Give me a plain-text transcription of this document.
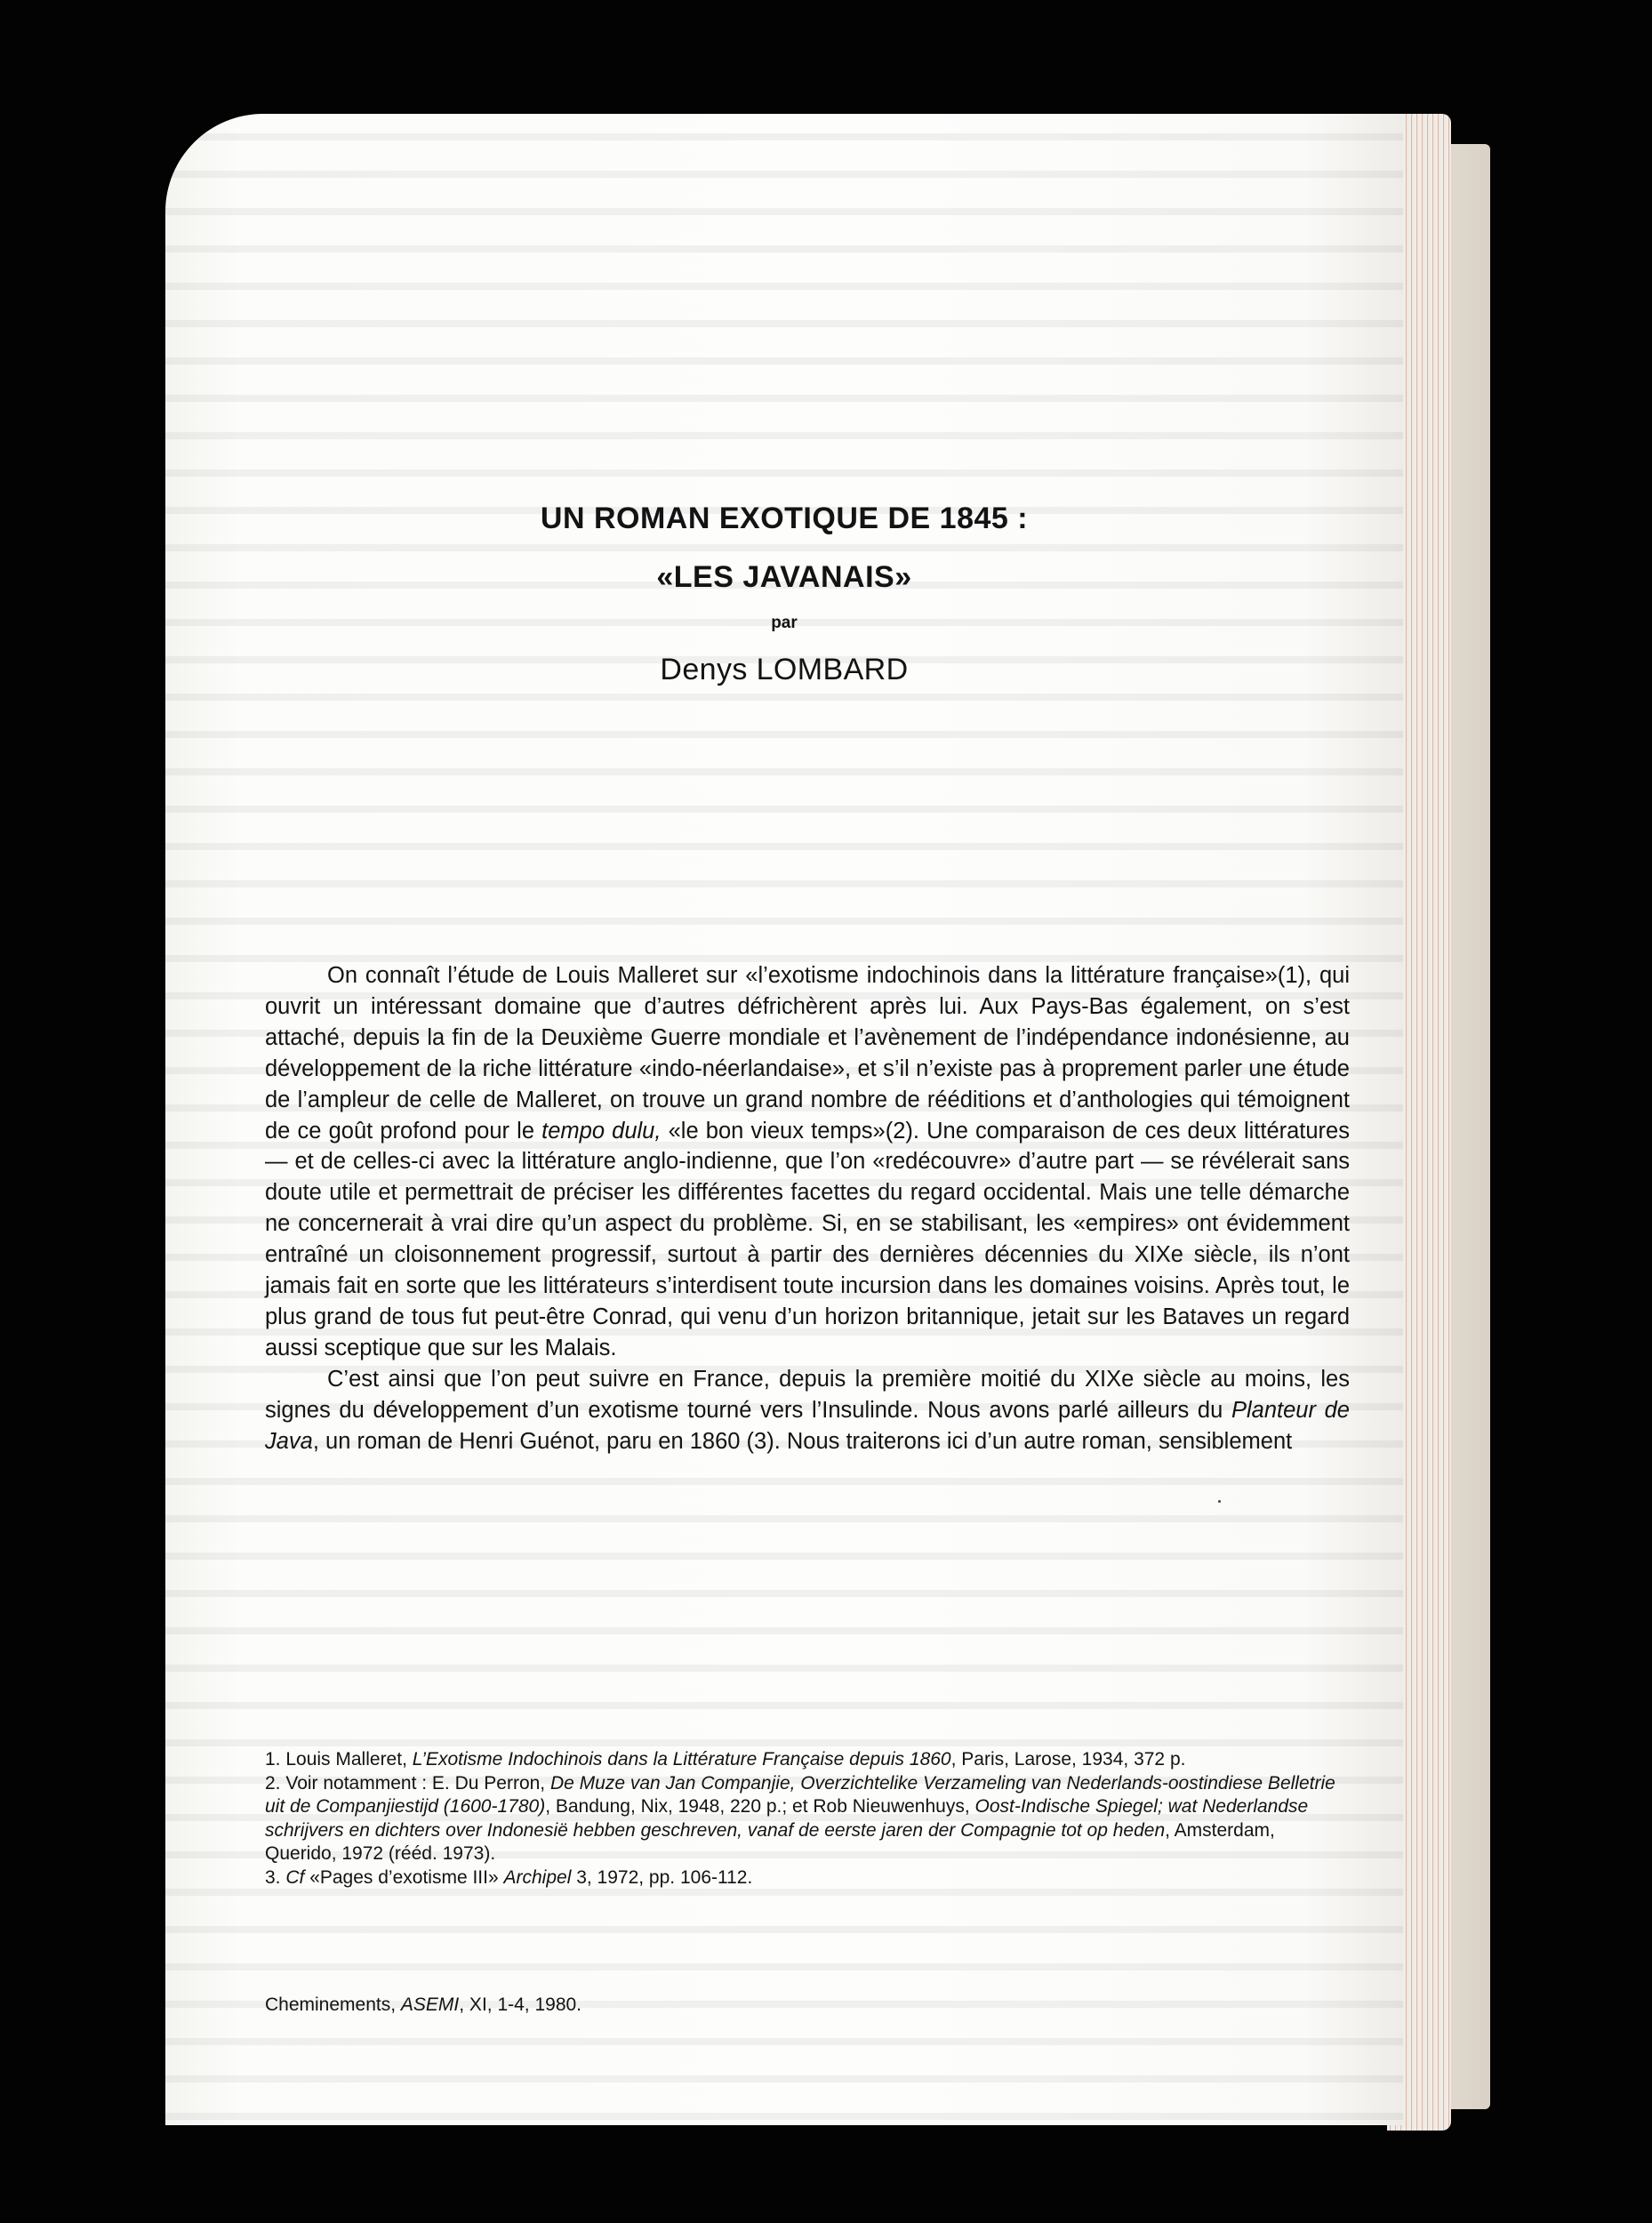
UN ROMAN EXOTIQUE DE 1845 :

«LES JAVANAIS»

par
Denys LOMBARD

On connaît l’étude de Louis Malleret sur «l’exotisme indochinois dans la littérature française»(1), qui ouvrit un intéressant domaine que d’autres défrichèrent après lui. Aux Pays-Bas également, on s’est attaché, depuis la fin de la Deuxième Guerre mondiale et l’avènement de l’indépendance indonésienne, au développement de la riche littérature «indo-néerlandaise», et s’il n’existe pas à proprement parler une étude de l’ampleur de celle de Malleret, on trouve un grand nombre de rééditions et d’anthologies qui témoignent de ce goût profond pour le tempo dulu, «le bon vieux temps»(2). Une comparaison de ces deux littératures — et de celles-ci avec la littérature anglo-indienne, que l’on «redécouvre» d’autre part — se révélerait sans doute utile et permettrait de préciser les différentes facettes du regard occidental. Mais une telle démarche ne concernerait à vrai dire qu’un aspect du problème. Si, en se stabilisant, les «empires» ont évidemment entraîné un cloisonnement progressif, surtout à partir des dernières décennies du XIXe siècle, ils n’ont jamais fait en sorte que les littérateurs s’interdisent toute incursion dans les domaines voisins. Après tout, le plus grand de tous fut peut-être Conrad, qui venu d’un horizon britannique, jetait sur les Bataves un regard aussi sceptique que sur les Malais.

C’est ainsi que l’on peut suivre en France, depuis la première moitié du XIXe siècle au moins, les signes du développement d’un exotisme tourné vers l’Insulinde. Nous avons parlé ailleurs du Planteur de Java, un roman de Henri Guénot, paru en 1860 (3). Nous traiterons ici d’un autre roman, sensiblement

1. Louis Malleret, L’Exotisme Indochinois dans la Littérature Française depuis 1860, Paris, Larose, 1934, 372 p.

2. Voir notamment : E. Du Perron, De Muze van Jan Companjie, Overzichtelike Verzameling van Nederlands-oostindiese Belletrie uit de Companjiestijd (1600-1780), Bandung, Nix, 1948, 220 p.; et Rob Nieuwenhuys, Oost-Indische Spiegel; wat Nederlandse schrijvers en dichters over Indonesië hebben geschreven, vanaf de eerste jaren der Compagnie tot op heden, Amsterdam, Querido, 1972 (rééd. 1973).

3. Cf «Pages d’exotisme III» Archipel 3, 1972, pp. 106-112.

Cheminements, ASEMI, XI, 1-4, 1980.
